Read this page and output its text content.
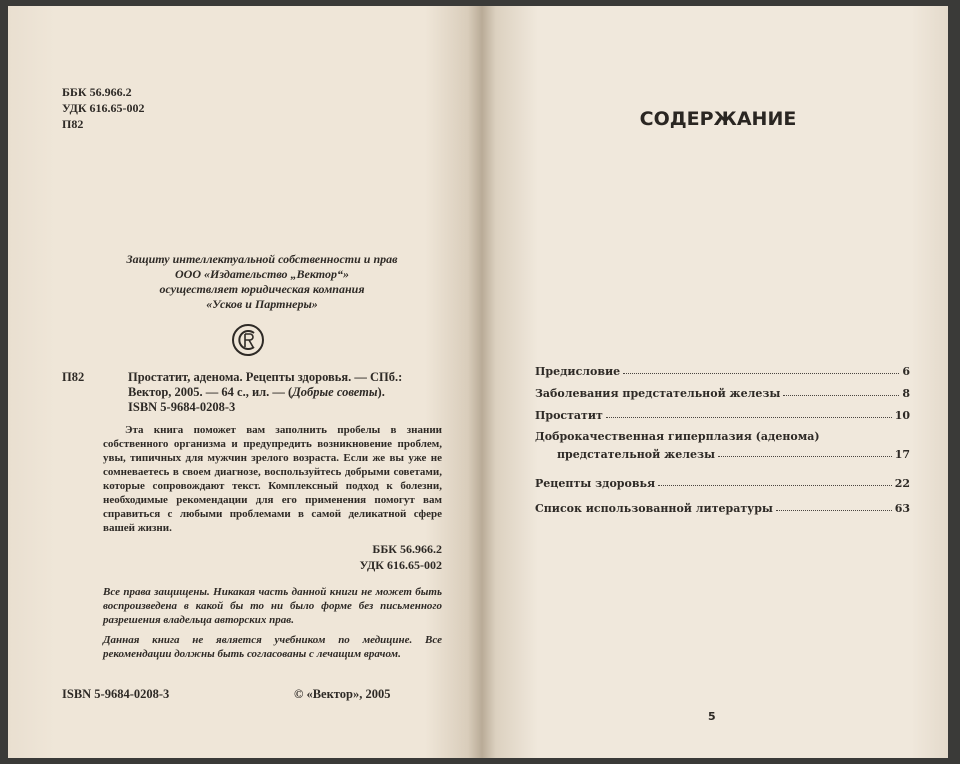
ББК 56.966.2
УДК 616.65-002
П82
Защиту интеллектуальной собственности и прав
ООО «Издательство „Вектор“»
осуществляет юридическая компания
«Усков и Партнеры»
П82	Простатит, аденома. Рецепты здоровья. — СПб.:
Вектор, 2005. — 64 с., ил. — (Добрые советы).
ISBN 5-9684-0208-3

Эта книга поможет вам заполнить пробелы в знании собственного организма и предупредить возникновение проблем, увы, типичных для мужчин зрелого возраста. Если же вы уже не сомневаетесь в своем диагнозе, воспользуйтесь добрыми советами, которые сопровождают текст. Комплексный подход к болезни, необходимые рекомендации для его применения помогут вам справиться с любыми проблемами в самой деликатной сфере вашей жизни.

ББК 56.966.2
УДК 616.65-002

Все права защищены. Никакая часть данной книги не может быть воспроизведена в какой бы то ни было форме без письменного разрешения владельца авторских прав.

Данная книга не является учебником по медицине. Все рекомендации должны быть согласованы с лечащим врачом.

ISBN 5-9684-0208-3	© «Вектор», 2005
СОДЕРЖАНИЕ
Предисловие	6
Заболевания предстательной железы	8
Простатит	10
Доброкачественная гиперплазия (аденома)
предстательной железы	17
Рецепты здоровья	22
Список использованной литературы	63
5
